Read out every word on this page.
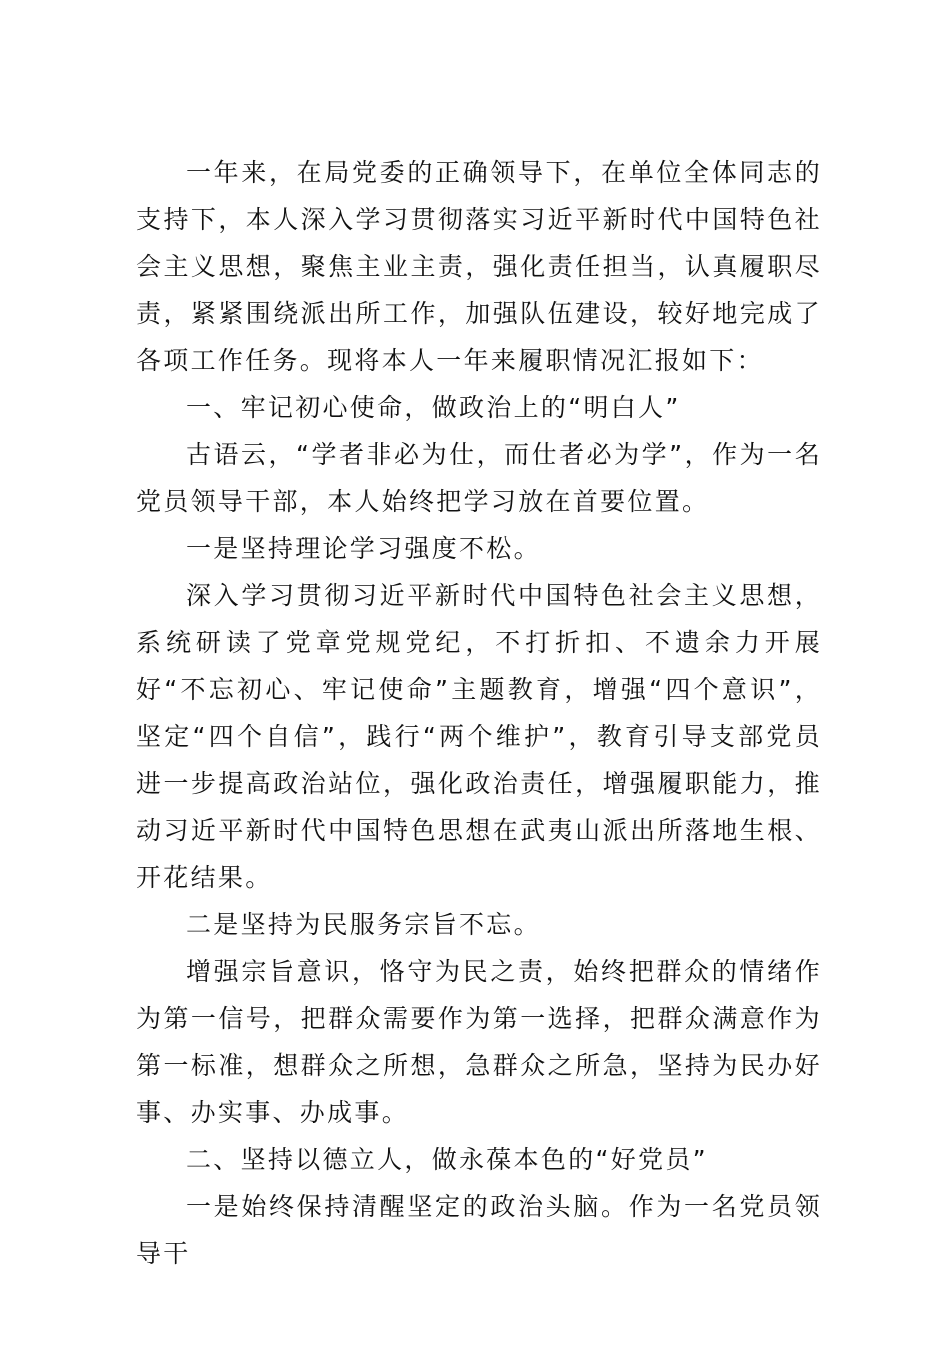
一年来，在局党委的正确领导下，在单位全体同志的支持下，本人深入学习贯彻落实习近平新时代中国特色社会主义思想，聚焦主业主责，强化责任担当，认真履职尽责，紧紧围绕派出所工作，加强队伍建设，较好地完成了各项工作任务。现将本人一年来履职情况汇报如下：

一、牢记初心使命，做政治上的“明白人”

古语云，“学者非必为仕，而仕者必为学”，作为一名党员领导干部，本人始终把学习放在首要位置。

一是坚持理论学习强度不松。

深入学习贯彻习近平新时代中国特色社会主义思想，系统研读了党章党规党纪，不打折扣、不遗余力开展好“不忘初心、牢记使命”主题教育，增强“四个意识”，坚定“四个自信”，践行“两个维护”，教育引导支部党员进一步提高政治站位，强化政治责任，增强履职能力，推动习近平新时代中国特色思想在武夷山派出所落地生根、开花结果。

二是坚持为民服务宗旨不忘。

增强宗旨意识，恪守为民之责，始终把群众的情绪作为第一信号，把群众需要作为第一选择，把群众满意作为第一标准，想群众之所想，急群众之所急，坚持为民办好事、办实事、办成事。

二、坚持以德立人，做永葆本色的“好党员”

一是始终保持清醒坚定的政治头脑。作为一名党员领导干
